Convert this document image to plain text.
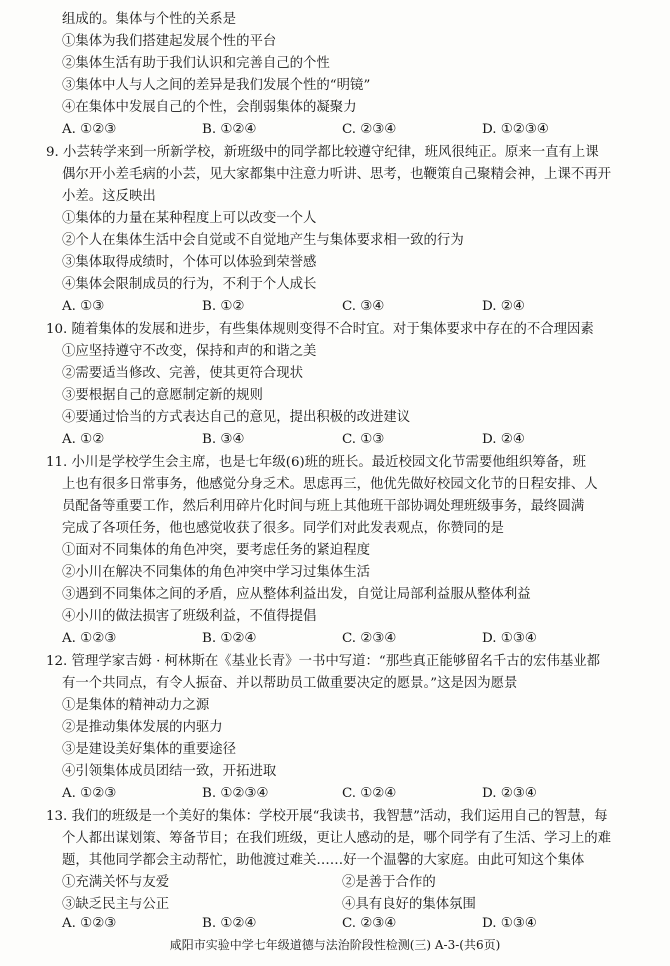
组成的。集体与个性的关系是
①集体为我们搭建起发展个性的平台
②集体生活有助于我们认识和完善自己的个性
③集体中人与人之间的差异是我们发展个性的“明镜”
④在集体中发展自己的个性，会削弱集体的凝聚力
A. ①②③	B. ①②④	C. ②③④	D. ①②③④
9. 小芸转学来到一所新学校，新班级中的同学都比较遵守纪律，班风很纯正。原来一直有上课
偶尔开小差毛病的小芸，见大家都集中注意力听讲、思考，也鞭策自己聚精会神，上课不再开
小差。这反映出
①集体的力量在某种程度上可以改变一个人
②个人在集体生活中会自觉或不自觉地产生与集体要求相一致的行为
③集体取得成绩时，个体可以体验到荣誉感
④集体会限制成员的行为，不利于个人成长
A. ①③	B. ①②	C. ③④	D. ②④
10. 随着集体的发展和进步，有些集体规则变得不合时宜。对于集体要求中存在的不合理因素
①应坚持遵守不改变，保持和声的和谐之美
②需要适当修改、完善，使其更符合现状
③要根据自己的意愿制定新的规则
④要通过恰当的方式表达自己的意见，提出积极的改进建议
A. ①②	B. ③④	C. ①③	D. ②④
11. 小川是学校学生会主席，也是七年级(6)班的班长。最近校园文化节需要他组织筹备，班
上也有很多日常事务，他感觉分身乏术。思虑再三，他优先做好校园文化节的日程安排、人
员配备等重要工作，然后利用碎片化时间与班上其他班干部协调处理班级事务，最终圆满
完成了各项任务，他也感觉收获了很多。同学们对此发表观点，你赞同的是
①面对不同集体的角色冲突，要考虑任务的紧迫程度
②小川在解决不同集体的角色冲突中学习过集体生活
③遇到不同集体之间的矛盾，应从整体利益出发，自觉让局部利益服从整体利益
④小川的做法损害了班级利益，不值得提倡
A. ①②③	B. ①②④	C. ②③④	D. ①③④
12. 管理学家吉姆 · 柯林斯在《基业长青》一书中写道：“那些真正能够留名千古的宏伟基业都
有一个共同点，有令人振奋、并以帮助员工做重要决定的愿景。”这是因为愿景
①是集体的精神动力之源
②是推动集体发展的内驱力
③是建设美好集体的重要途径
④引领集体成员团结一致，开拓进取
A. ①②③	B. ①②③④	C. ①②④	D. ②③④
13. 我们的班级是一个美好的集体：学校开展“我读书，我智慧”活动，我们运用自己的智慧，每
个人都出谋划策、筹备节目；在我们班级，更让人感动的是，哪个同学有了生活、学习上的难
题，其他同学都会主动帮忙，助他渡过难关……好一个温馨的大家庭。由此可知这个集体
①充满关怀与友爱	②是善于合作的
③缺乏民主与公正	④具有良好的集体氛围
A. ①②③	B. ①②④	C. ②③④	D. ①③④
咸阳市实验中学七年级道德与法治阶段性检测(三) A-3-(共6页)
